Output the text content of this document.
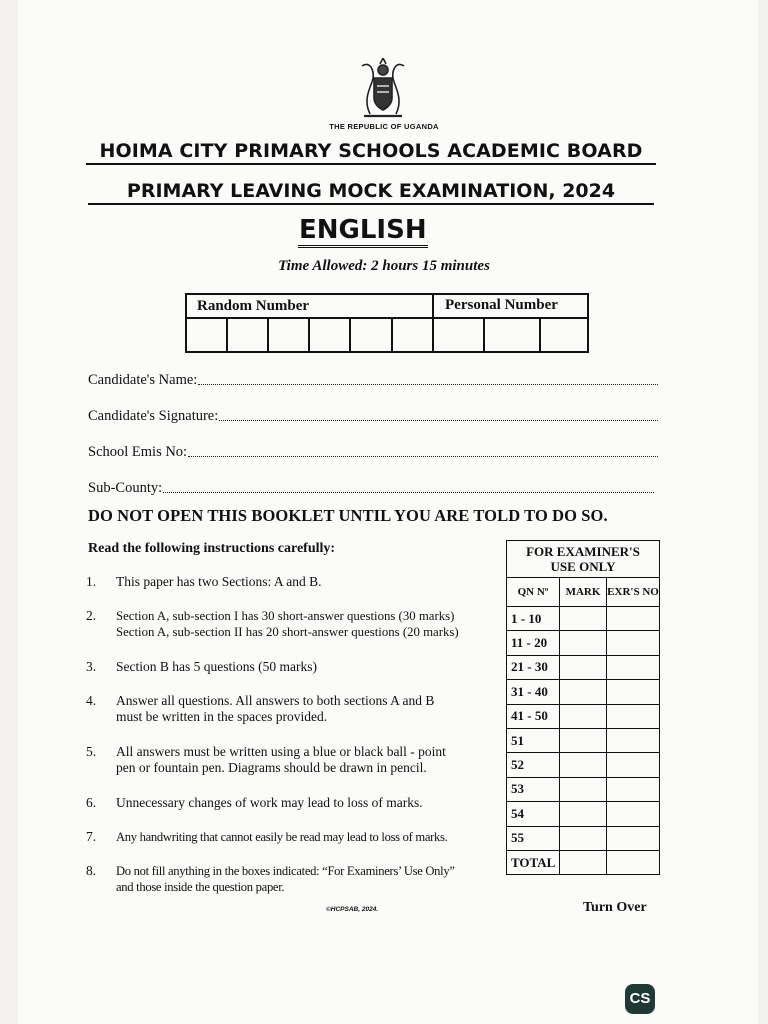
THE REPUBLIC OF UGANDA
HOIMA CITY PRIMARY SCHOOLS ACADEMIC BOARD
PRIMARY LEAVING MOCK EXAMINATION, 2024
ENGLISH
Time Allowed: 2 hours 15 minutes
Random Number	Personal Number
Candidate's Name:
Candidate's Signature:
School Emis No:
Sub-County:
DO NOT OPEN THIS BOOKLET UNTIL YOU ARE TOLD TO DO SO.
Read the following instructions carefully:
1. This paper has two Sections: A and B.
2. Section A, sub-section I has 30 short-answer questions (30 marks)
Section A, sub-section II has 20 short-answer questions (20 marks)
3. Section B has 5 questions (50 marks)
4. Answer all questions. All answers to both sections A and B
must be written in the spaces provided.
5. All answers must be written using a blue or black ball - point
pen or fountain pen. Diagrams should be drawn in pencil.
6. Unnecessary changes of work may lead to loss of marks.
7. Any handwriting that cannot easily be read may lead to loss of marks.
8. Do not fill anything in the boxes indicated: “For Examiners’ Use Only”
and those inside the question paper.
FOR EXAMINER'S
USE ONLY		
QN Nº	MARK	EXR'S NO
1 - 10		
11 - 20		
21 - 30		
31 - 40		
41 - 50		
51		
52		
53		
54		
55		
TOTAL		
©HCPSAB, 2024.	Turn Over
CS
